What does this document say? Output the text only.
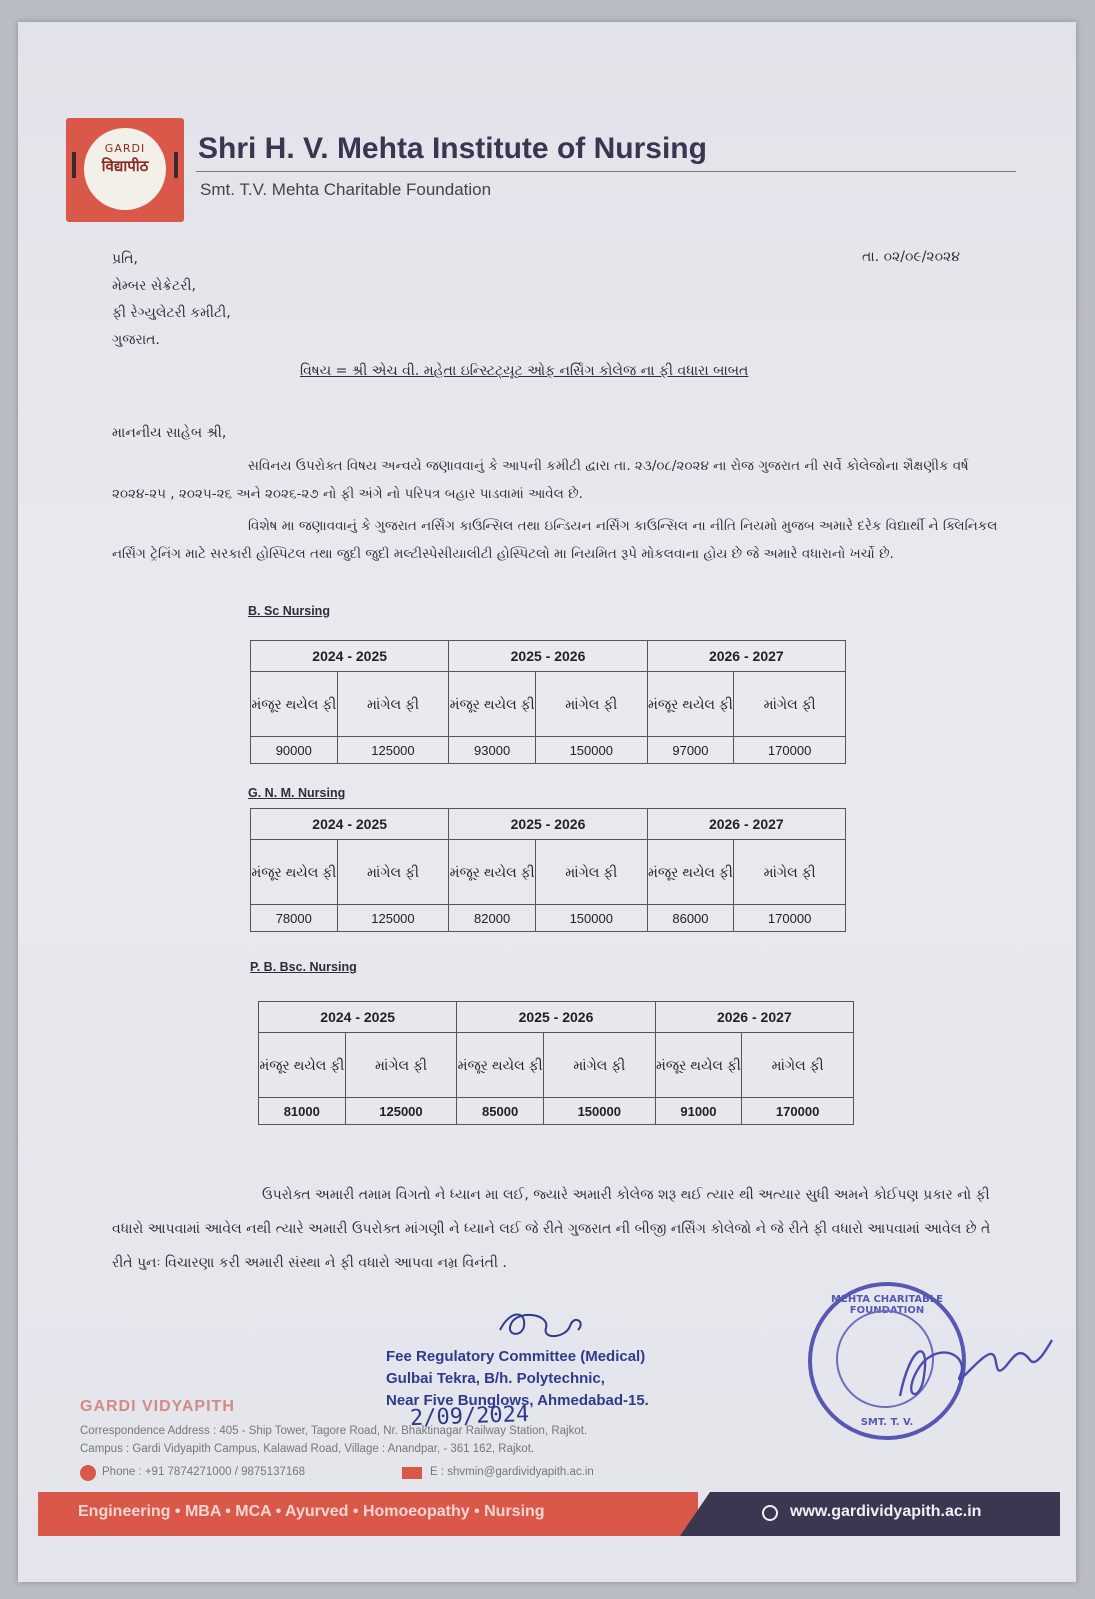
GARDI
विद्यापीठ
Shri H. V. Mehta Institute of Nursing
Smt. T.V. Mehta Charitable Foundation
તા. ૦૨/૦૯/૨૦૨૪
પ્રતિ,
મેમ્બર સેક્રેટરી,
ફી રેગ્યુલેટરી કમીટી,
ગુજરાત.
વિષય = શ્રી એચ વી. મહેતા ઇન્સ્ટિટ્યૂટ ઓફ નર્સિંગ કોલેજ ના ફી વધારા બાબત
માનનીય સાહેબ શ્રી,
સવિનય ઉપરોક્ત વિષય અન્વયે જણાવવાનું કે આપની કમીટી દ્વારા તા. ૨૩/૦૮/૨૦૨૪ ના રોજ ગુજરાત ની સર્વે કોલેજોના શૈક્ષણીક વર્ષ ૨૦૨૪-૨૫ , ૨૦૨૫-૨૬ અને ૨૦૨૬-૨૭ નો ફી અંગે નો પરિપત્ર બહાર પાડવામાં આવેલ છે.
વિશેષ મા જણાવવાનું કે ગુજરાત નર્સિંગ કાઉન્સિલ તથા ઇન્ડિયન નર્સિંગ કાઉન્સિલ ના નીતિ નિયમો મુજબ અમારે દરેક વિદ્યાર્થી ને ક્લિનિકલ નર્સિંગ ટ્રેનિંગ માટે સરકારી હોસ્પિટલ તથા જુદી જુદી મલ્ટીસ્પેસીયાલીટી હોસ્પિટલો મા નિયમિત રૂપે મોકલવાના હોય છે જે અમારે વધારાનો ખર્ચો છે.
B. Sc Nursing
2024 - 2025		2025 - 2026		2026 - 2027	
મંજૂર થયેલ ફી	માંગેલ ફી	મંજૂર થયેલ ફી	માંગેલ ફી	મંજૂર થયેલ ફી	માંગેલ ફી
90000	125000	93000	150000	97000	170000
G. N. M. Nursing
2024 - 2025		2025 - 2026		2026 - 2027	
મંજૂર થયેલ ફી	માંગેલ ફી	મંજૂર થયેલ ફી	માંગેલ ફી	મંજૂર થયેલ ફી	માંગેલ ફી
78000	125000	82000	150000	86000	170000
P. B. Bsc. Nursing
2024 - 2025		2025 - 2026		2026 - 2027	
મંજૂર થયેલ ફી	માંગેલ ફી	મંજૂર થયેલ ફી	માંગેલ ફી	મંજૂર થયેલ ફી	માંગેલ ફી
81000	125000	85000	150000	91000	170000
ઉપરોક્ત અમારી તમામ વિગતો ને ધ્યાન મા લઈ, જ્યારે અમારી કોલેજ શરૂ થઈ ત્યાર થી અત્યાર સુધી અમને કોઈપણ પ્રકાર નો ફી વધારો આપવામાં આવેલ નથી ત્યારે અમારી ઉપરોક્ત માંગણી ને ધ્યાને લઈ જે રીતે ગુજરાત ની બીજી નર્સિંગ કોલેજો ને જે રીતે ફી વધારો આપવામાં આવેલ છે તે રીતે પુનઃ વિચારણા કરી અમારી સંસ્થા ને ફી વધારો આપવા નમ્ર વિનંતી .
Fee Regulatory Committee (Medical)
Gulbai Tekra, B/h. Polytechnic,
Near Five Bunglows, Ahmedabad-15.
2/09/2024
MEHTA CHARITABLE FOUNDATION
SMT. T. V.
GARDI VIDYAPITH
Correspondence Address : 405 - Ship Tower, Tagore Road, Nr. Bhaktinagar Railway Station, Rajkot.
Campus : Gardi Vidyapith Campus, Kalawad Road, Village : Anandpar, - 361 162, Rajkot.
Phone : +91 7874271000 / 9875137168	E : shvmin@gardividyapith.ac.in
Engineering • MBA • MCA • Ayurved • Homoeopathy • Nursing	www.gardividyapith.ac.in
